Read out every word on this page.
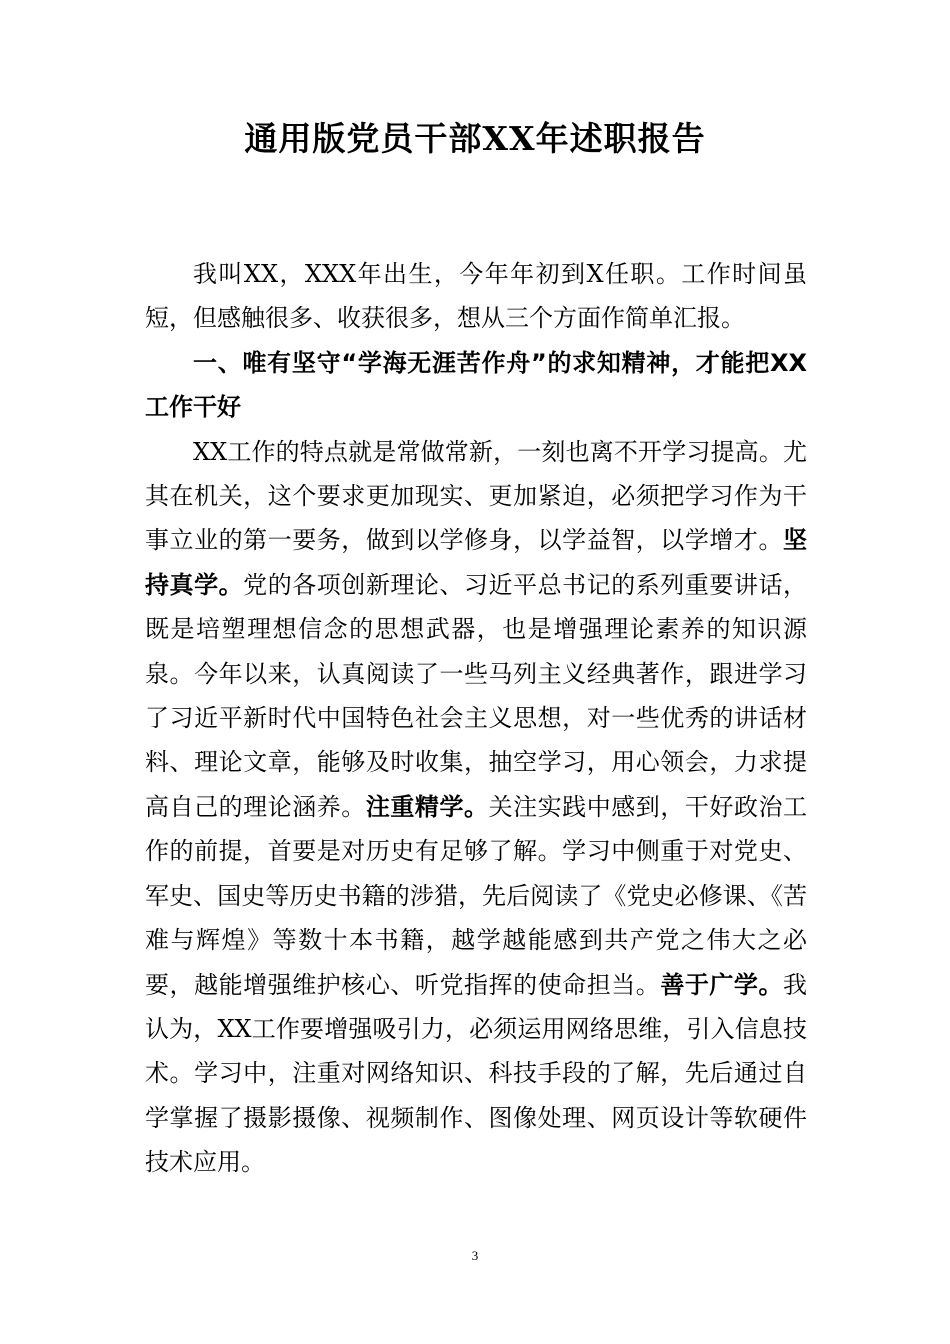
通用版党员干部XX年述职报告

我叫XX，XXX年出生，今年年初到X任职。工作时间虽短，但感触很多、收获很多，想从三个方面作简单汇报。

一、唯有坚守“学海无涯苦作舟”的求知精神，才能把XX工作干好

XX工作的特点就是常做常新，一刻也离不开学习提高。尤其在机关，这个要求更加现实、更加紧迫，必须把学习作为干事立业的第一要务，做到以学修身，以学益智，以学增才。坚持真学。党的各项创新理论、习近平总书记的系列重要讲话，既是培塑理想信念的思想武器，也是增强理论素养的知识源泉。今年以来，认真阅读了一些马列主义经典著作，跟进学习了习近平新时代中国特色社会主义思想，对一些优秀的讲话材料、理论文章，能够及时收集，抽空学习，用心领会，力求提高自己的理论涵养。注重精学。关注实践中感到，干好政治工作的前提，首要是对历史有足够了解。学习中侧重于对党史、军史、国史等历史书籍的涉猎，先后阅读了《党史必修课、《苦难与辉煌》等数十本书籍，越学越能感到共产党之伟大之必要，越能增强维护核心、听党指挥的使命担当。善于广学。我认为，XX工作要增强吸引力，必须运用网络思维，引入信息技术。学习中，注重对网络知识、科技手段的了解，先后通过自学掌握了摄影摄像、视频制作、图像处理、网页设计等软硬件技术应用。

3
